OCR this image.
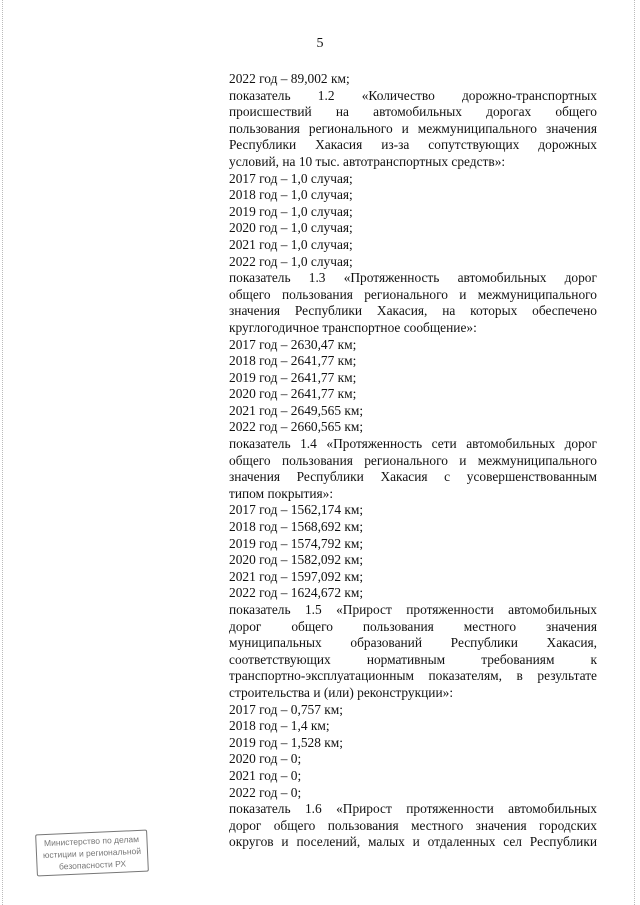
5
2022 год – 89,002 км;
показатель 1.2 «Количество дорожно-транспортных
происшествий на автомобильных дорогах общего
пользования регионального и межмуниципального значения
Республики Хакасия из-за сопутствующих дорожных
условий, на 10 тыс. автотранспортных средств»:
2017 год – 1,0 случая;
2018 год – 1,0 случая;
2019 год – 1,0 случая;
2020 год – 1,0 случая;
2021 год – 1,0 случая;
2022 год – 1,0 случая;
показатель 1.3 «Протяженность автомобильных дорог
общего пользования регионального и межмуниципального
значения Республики Хакасия, на которых обеспечено
круглогодичное транспортное сообщение»:
2017 год – 2630,47 км;
2018 год – 2641,77 км;
2019 год – 2641,77 км;
2020 год – 2641,77 км;
2021 год – 2649,565 км;
2022 год – 2660,565 км;
показатель 1.4 «Протяженность сети автомобильных дорог
общего пользования регионального и межмуниципального
значения Республики Хакасия с усовершенствованным
типом покрытия»:
2017 год – 1562,174 км;
2018 год – 1568,692 км;
2019 год – 1574,792 км;
2020 год – 1582,092 км;
2021 год – 1597,092 км;
2022 год – 1624,672 км;
показатель 1.5 «Прирост протяженности автомобильных
дорог общего пользования местного значения
муниципальных образований Республики Хакасия,
соответствующих нормативным требованиям к
транспортно-эксплуатационным показателям, в результате
строительства и (или) реконструкции»:
2017 год – 0,757 км;
2018 год – 1,4 км;
2019 год – 1,528 км;
2020 год – 0;
2021 год – 0;
2022 год – 0;
показатель 1.6 «Прирост протяженности автомобильных
дорог общего пользования местного значения городских
округов и поселений, малых и отдаленных сел Республики
Министерство по делам
юстиции и региональной
безопасности РХ
